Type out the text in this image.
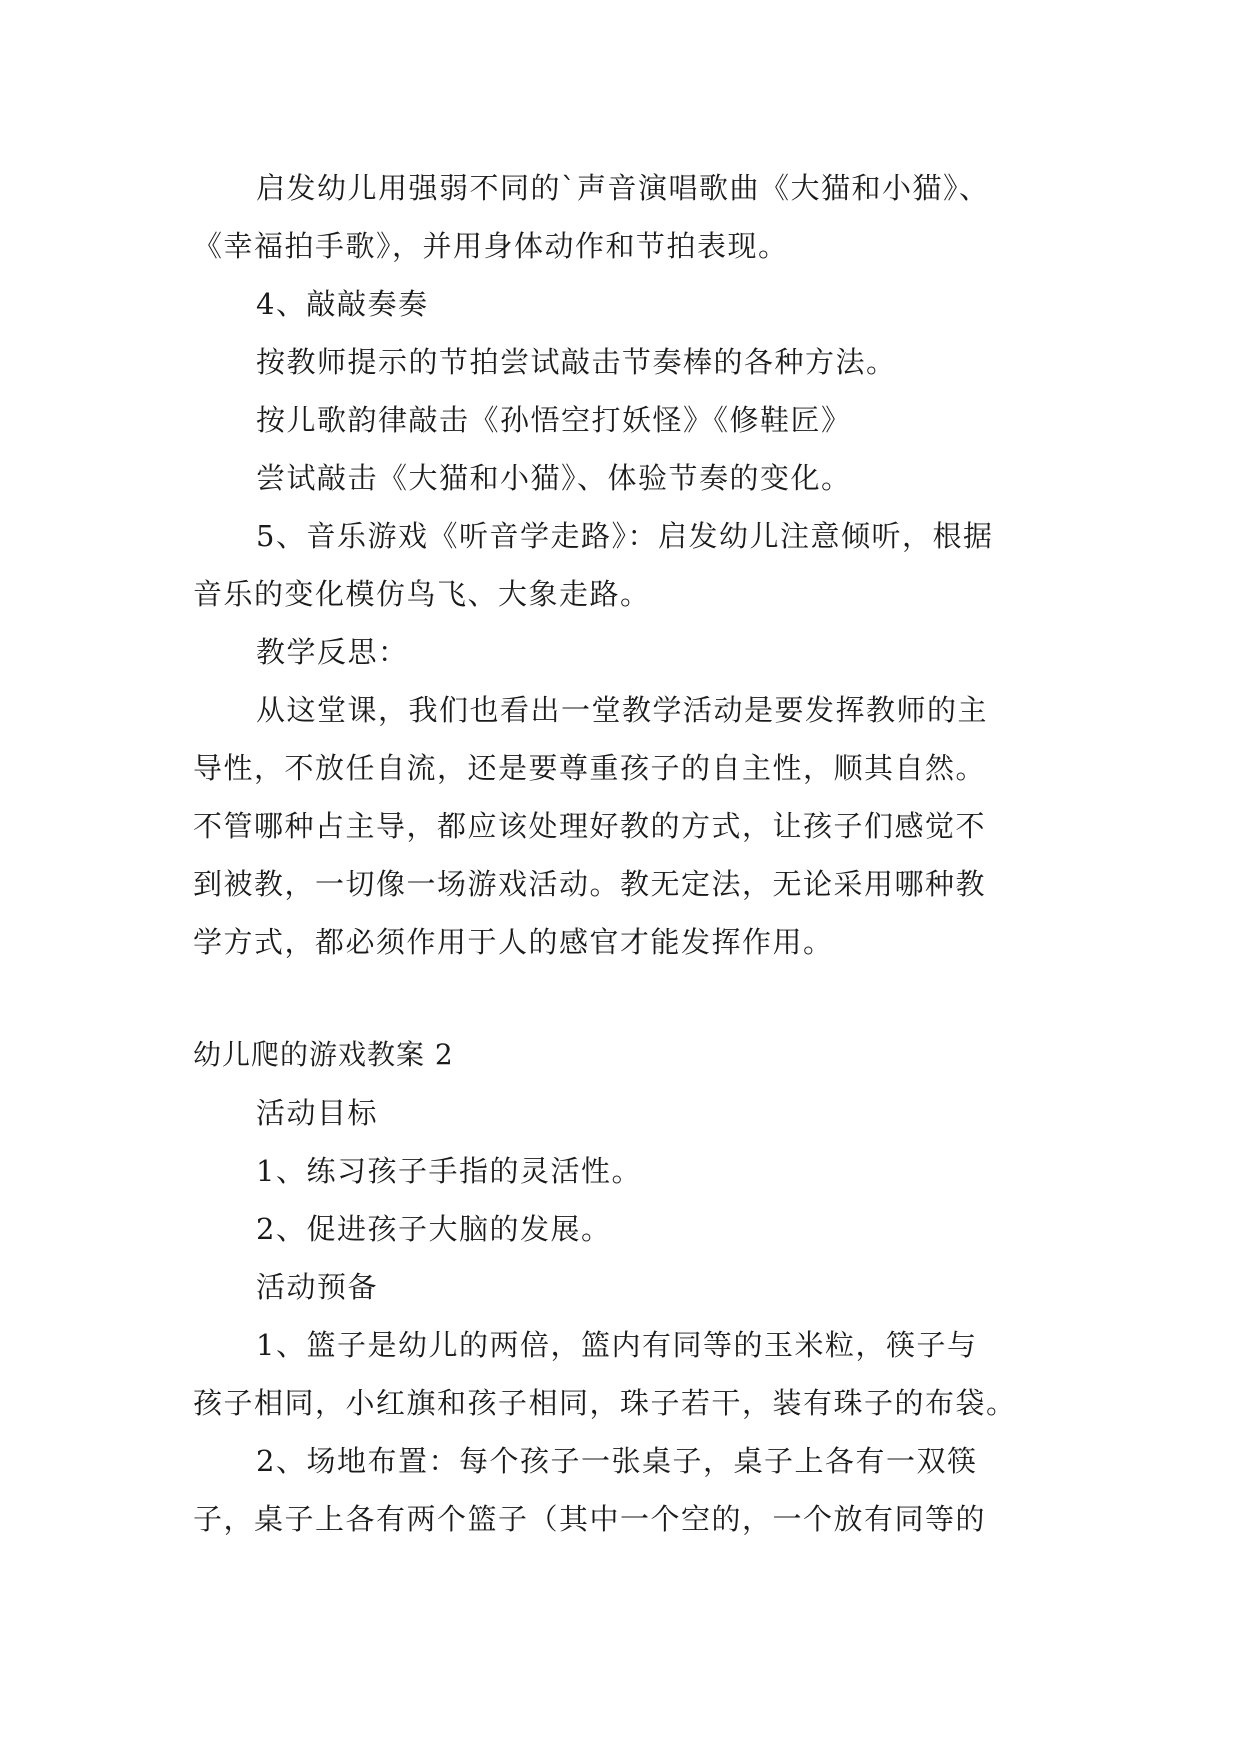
启发幼儿用强弱不同的`声音演唱歌曲《大猫和小猫》、
《幸福拍手歌》，并用身体动作和节拍表现。
4、敲敲奏奏
按教师提示的节拍尝试敲击节奏棒的各种方法。
按儿歌韵律敲击《孙悟空打妖怪》《修鞋匠》
尝试敲击《大猫和小猫》、体验节奏的变化。
5、音乐游戏《听音学走路》：启发幼儿注意倾听，根据
音乐的变化模仿鸟飞、大象走路。
教学反思：
从这堂课，我们也看出一堂教学活动是要发挥教师的主
导性，不放任自流，还是要尊重孩子的自主性，顺其自然。
不管哪种占主导，都应该处理好教的方式，让孩子们感觉不
到被教，一切像一场游戏活动。教无定法，无论采用哪种教
学方式，都必须作用于人的感官才能发挥作用。
幼儿爬的游戏教案 2
活动目标
1、练习孩子手指的灵活性。
2、促进孩子大脑的发展。
活动预备
1、篮子是幼儿的两倍，篮内有同等的玉米粒，筷子与
孩子相同，小红旗和孩子相同，珠子若干，装有珠子的布袋。
2、场地布置：每个孩子一张桌子，桌子上各有一双筷
子，桌子上各有两个篮子（其中一个空的，一个放有同等的
